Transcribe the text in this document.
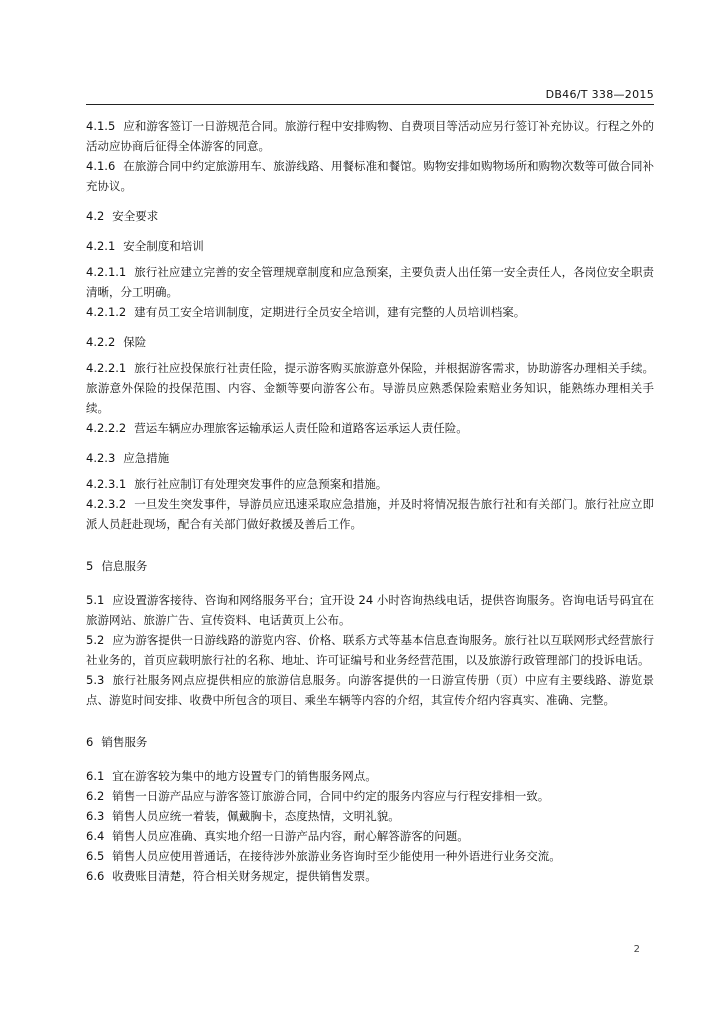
DB46/T 338—2015

4.1.5 应和游客签订一日游规范合同。旅游行程中安排购物、自费项目等活动应另行签订补充协议。行程之外的活动应协商后征得全体游客的同意。

4.1.6 在旅游合同中约定旅游用车、旅游线路、用餐标准和餐馆。购物安排如购物场所和购物次数等可做合同补充协议。

4.2 安全要求

4.2.1 安全制度和培训

4.2.1.1 旅行社应建立完善的安全管理规章制度和应急预案，主要负责人出任第一安全责任人，各岗位安全职责清晰，分工明确。

4.2.1.2 建有员工安全培训制度，定期进行全员安全培训，建有完整的人员培训档案。

4.2.2 保险

4.2.2.1 旅行社应投保旅行社责任险，提示游客购买旅游意外保险，并根据游客需求，协助游客办理相关手续。旅游意外保险的投保范围、内容、金额等要向游客公布。导游员应熟悉保险索赔业务知识，能熟练办理相关手续。

4.2.2.2 营运车辆应办理旅客运输承运人责任险和道路客运承运人责任险。

4.2.3 应急措施

4.2.3.1 旅行社应制订有处理突发事件的应急预案和措施。

4.2.3.2 一旦发生突发事件，导游员应迅速采取应急措施，并及时将情况报告旅行社和有关部门。旅行社应立即派人员赶赴现场，配合有关部门做好救援及善后工作。

5 信息服务

5.1 应设置游客接待、咨询和网络服务平台；宜开设 24 小时咨询热线电话，提供咨询服务。咨询电话号码宜在旅游网站、旅游广告、宣传资料、电话黄页上公布。

5.2 应为游客提供一日游线路的游览内容、价格、联系方式等基本信息查询服务。旅行社以互联网形式经营旅行社业务的，首页应载明旅行社的名称、地址、许可证编号和业务经营范围，以及旅游行政管理部门的投诉电话。

5.3 旅行社服务网点应提供相应的旅游信息服务。向游客提供的一日游宣传册（页）中应有主要线路、游览景点、游览时间安排、收费中所包含的项目、乘坐车辆等内容的介绍，其宣传介绍内容真实、准确、完整。

6 销售服务

6.1 宜在游客较为集中的地方设置专门的销售服务网点。

6.2 销售一日游产品应与游客签订旅游合同，合同中约定的服务内容应与行程安排相一致。

6.3 销售人员应统一着装，佩戴胸卡，态度热情，文明礼貌。

6.4 销售人员应准确、真实地介绍一日游产品内容，耐心解答游客的问题。

6.5 销售人员应使用普通话，在接待涉外旅游业务咨询时至少能使用一种外语进行业务交流。

6.6 收费账目清楚，符合相关财务规定，提供销售发票。

2
